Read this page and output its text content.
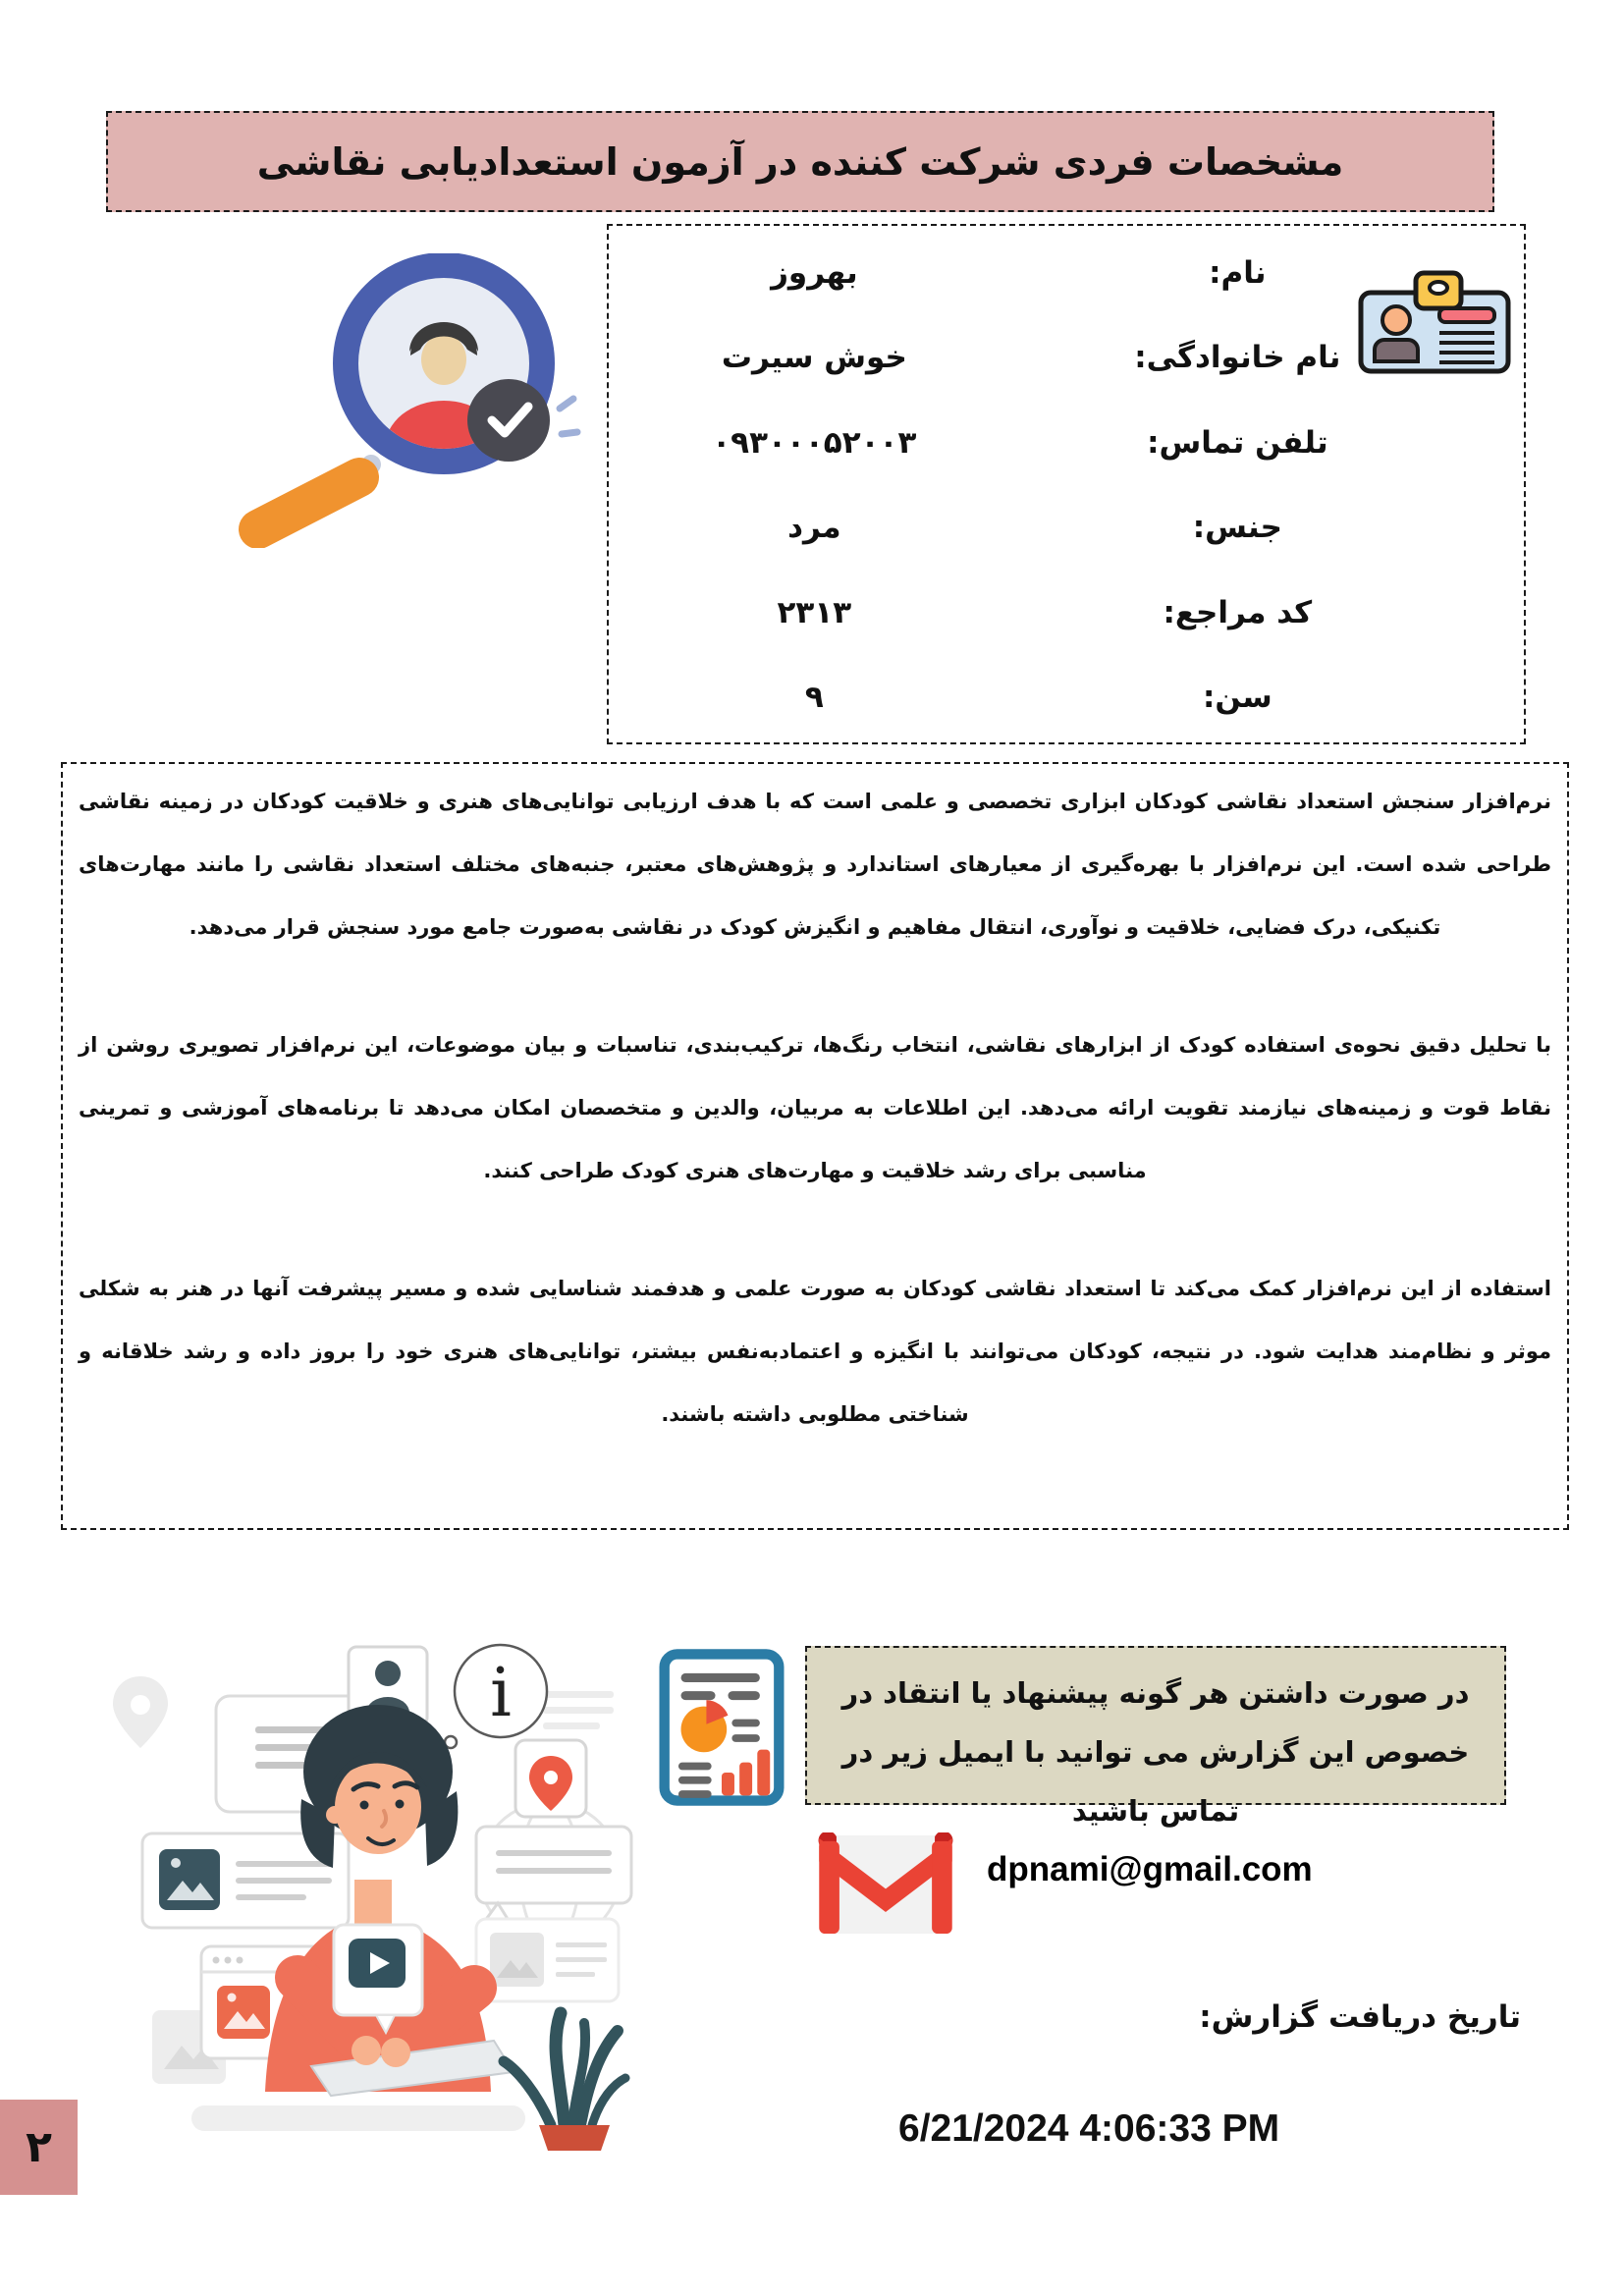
مشخصات فردی شرکت کننده در آزمون استعدادیابی نقاشی
نام:
بهروز
نام خانوادگی:
خوش سیرت
تلفن تماس:
۰۹۳۰۰۰۵۲۰۰۳
جنس:
مرد
کد مراجع:
۲۳۱۳
سن:
۹

نرم‌افزار سنجش استعداد نقاشی کودکان ابزاری تخصصی و علمی است که با هدف ارزیابی توانایی‌های هنری و خلاقیت کودکان در زمینه نقاشی طراحی شده است. این نرم‌افزار با بهره‌گیری از معیارهای استاندارد و پژوهش‌های معتبر، جنبه‌های مختلف استعداد نقاشی را مانند مهارت‌های تکنیکی، درک فضایی، خلاقیت و نوآوری، انتقال مفاهیم و انگیزش کودک در نقاشی به‌صورت جامع مورد سنجش قرار می‌دهد.

با تحلیل دقیق نحوه‌ی استفاده کودک از ابزارهای نقاشی، انتخاب رنگ‌ها، ترکیب‌بندی، تناسبات و بیان موضوعات، این نرم‌افزار تصویری روشن از نقاط قوت و زمینه‌های نیازمند تقویت ارائه می‌دهد. این اطلاعات به مربیان، والدین و متخصصان امکان می‌دهد تا برنامه‌های آموزشی و تمرینی مناسبی برای رشد خلاقیت و مهارت‌های هنری کودک طراحی کنند.

استفاده از این نرم‌افزار کمک می‌کند تا استعداد نقاشی کودکان به صورت علمی و هدفمند شناسایی شده و مسیر پیشرفت آنها در هنر به شکلی موثر و نظام‌مند هدایت شود. در نتیجه، کودکان می‌توانند با انگیزه و اعتمادبه‌نفس بیشتر، توانایی‌های هنری خود را بروز داده و رشد خلاقانه و شناختی مطلوبی داشته باشند.

i	در صورت داشتن هر گونه پیشنهاد یا انتقاد در خصوص این گزارش می توانید با ایمیل زیر در تماس باشید
dpnami@gmail.com
تاریخ دریافت گزارش:
6/21/2024 4:06:33 PM
۲
